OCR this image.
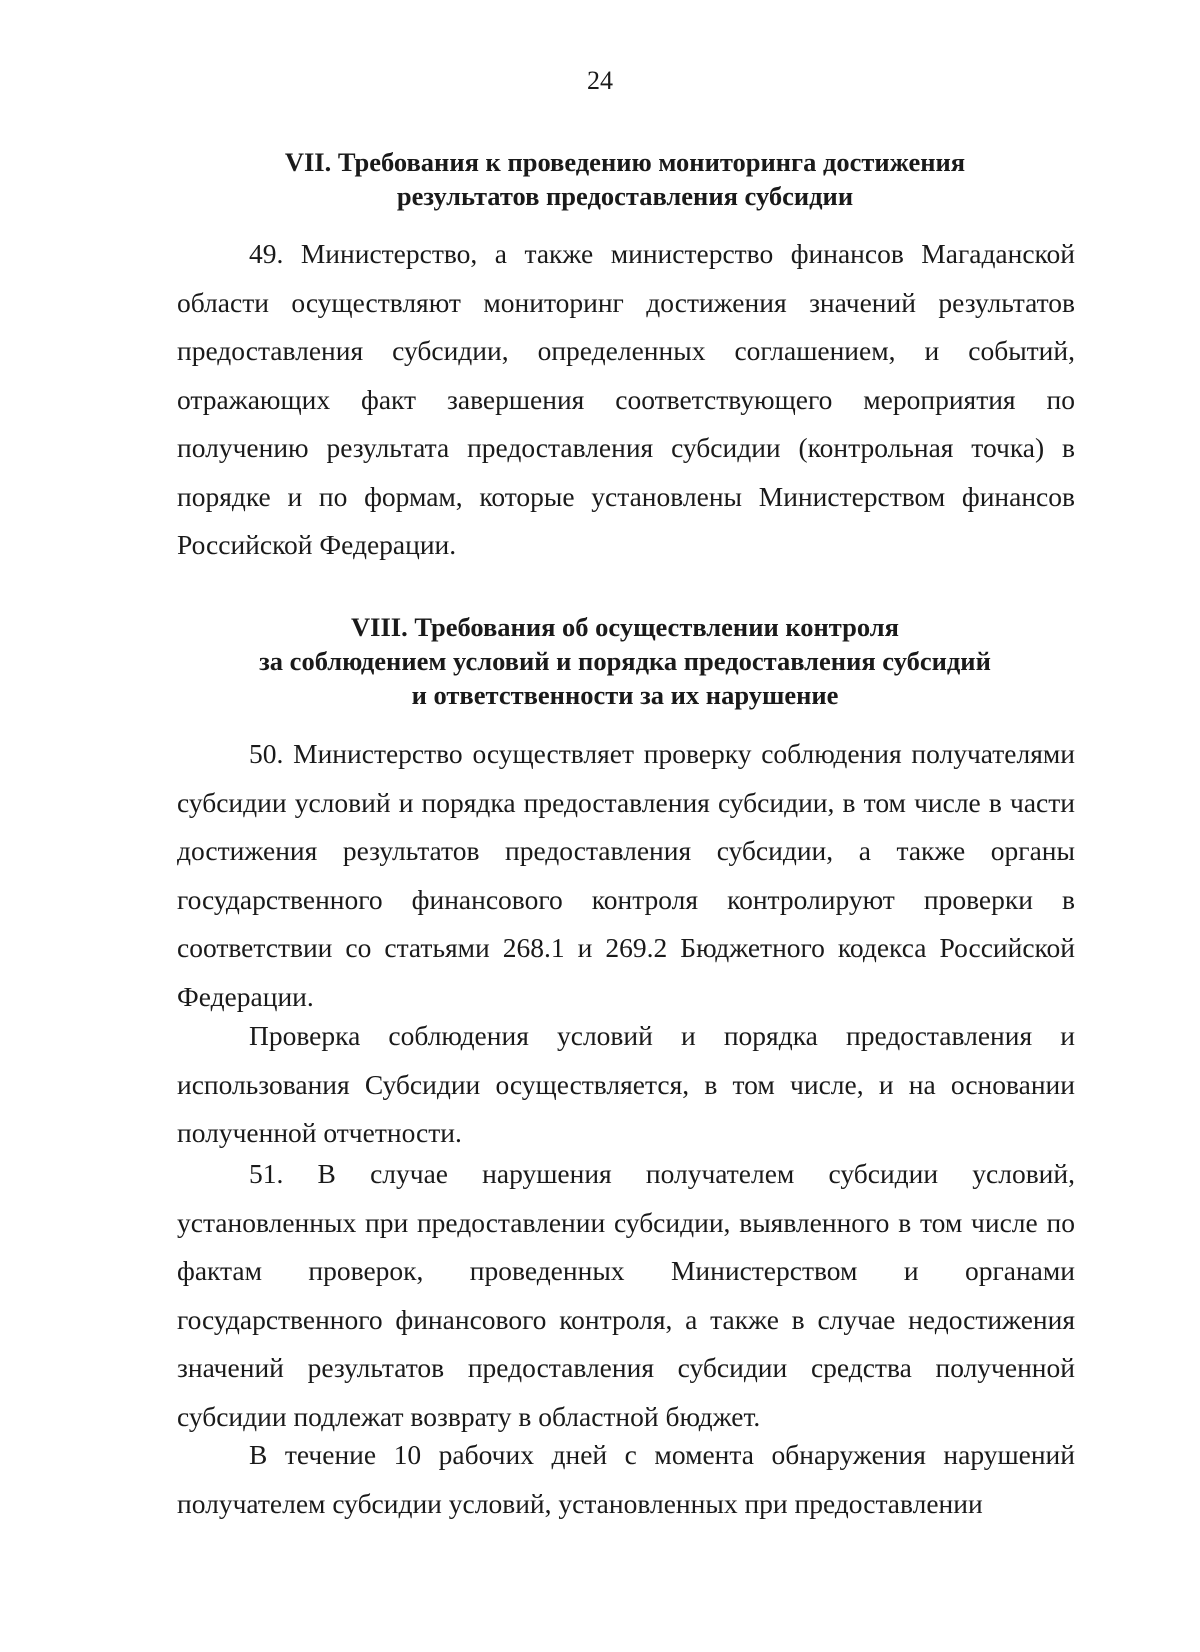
24
VII. Требования к проведению мониторинга достижения
результатов предоставления субсидии

49. Министерство, а также министерство финансов Магаданской области осуществляют мониторинг достижения значений результатов предоставления субсидии, определенных соглашением, и событий, отражающих факт завершения соответствующего мероприятия по получению результата предоставления субсидии (контрольная точка) в порядке и по формам, которые установлены Министерством финансов Российской Федерации.

VIII. Требования об осуществлении контроля
за соблюдением условий и порядка предоставления субсидий
и ответственности за их нарушение

50. Министерство осуществляет проверку соблюдения получателями субсидии условий и порядка предоставления субсидии, в том числе в части достижения результатов предоставления субсидии, а также органы государственного финансового контроля контролируют проверки в соответствии со статьями 268.1 и 269.2 Бюджетного кодекса Российской Федерации.

Проверка соблюдения условий и порядка предоставления и использования Субсидии осуществляется, в том числе, и на основании полученной отчетности.

51. В случае нарушения получателем субсидии условий, установленных при предоставлении субсидии, выявленного в том числе по фактам проверок, проведенных Министерством и органами государственного финансового контроля, а также в случае недостижения значений результатов предоставления субсидии средства полученной субсидии подлежат возврату в областной бюджет.

В течение 10 рабочих дней с момента обнаружения нарушений получателем субсидии условий, установленных при предоставлении
